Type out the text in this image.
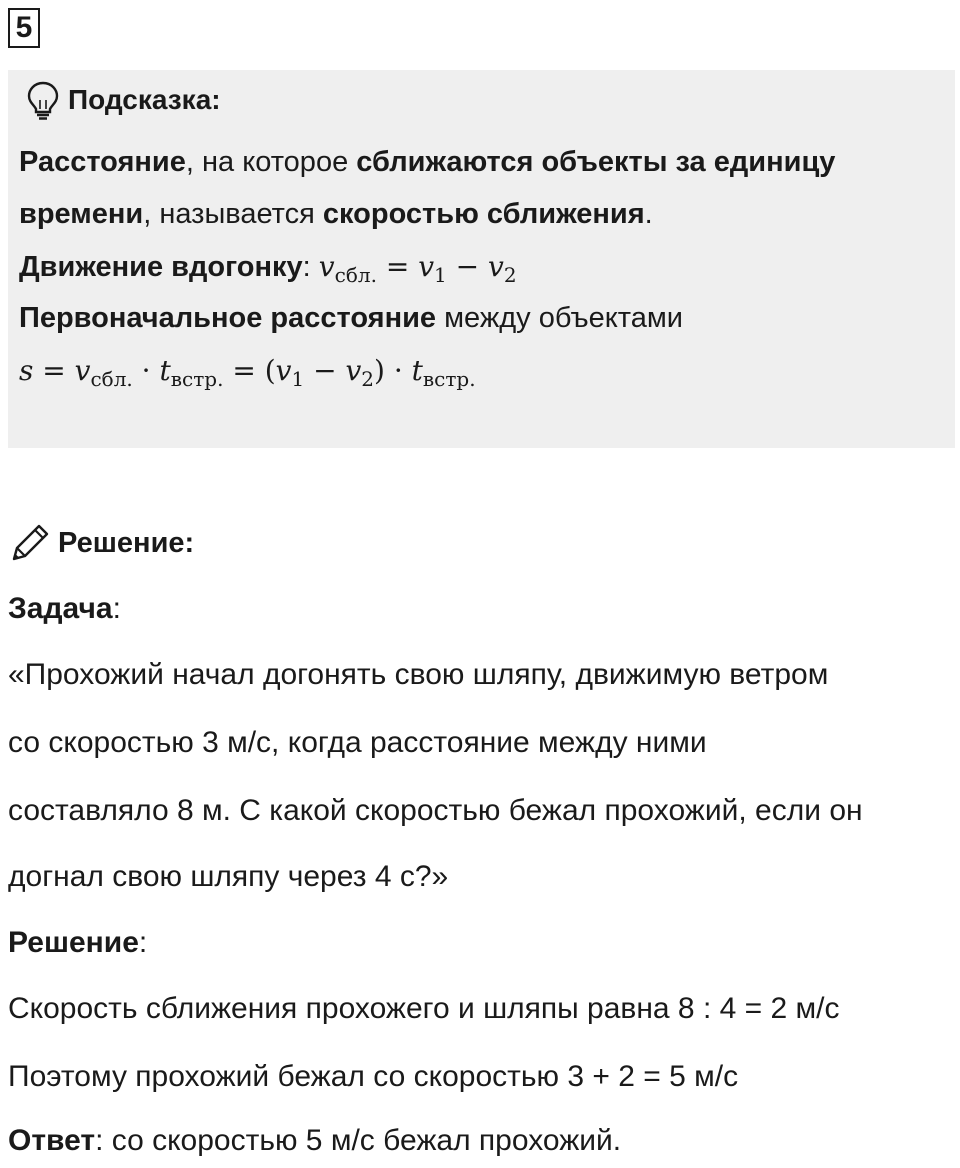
5
Подсказка:
Расстояние, на которое сближаются объекты за единицу
времени, называется скоростью сближения.
Движение вдогонку: $v_{сбл.} = v_1 - v_2$
Первоначальное расстояние между объектами
$s = v_{сбл.} \cdot t_{встр.} = (v_1 - v_2) \cdot t_{встр.}$
Решение:
Задача:
«Прохожий начал догонять свою шляпу, движимую ветром
со скоростью 3 м/с, когда расстояние между ними
составляло 8 м. С какой скоростью бежал прохожий, если он
догнал свою шляпу через 4 с?»
Решение:
Скорость сближения прохожего и шляпы равна 8 : 4 = 2 м/с
Поэтому прохожий бежал со скоростью 3 + 2 = 5 м/с
Ответ: со скоростью 5 м/с бежал прохожий.
